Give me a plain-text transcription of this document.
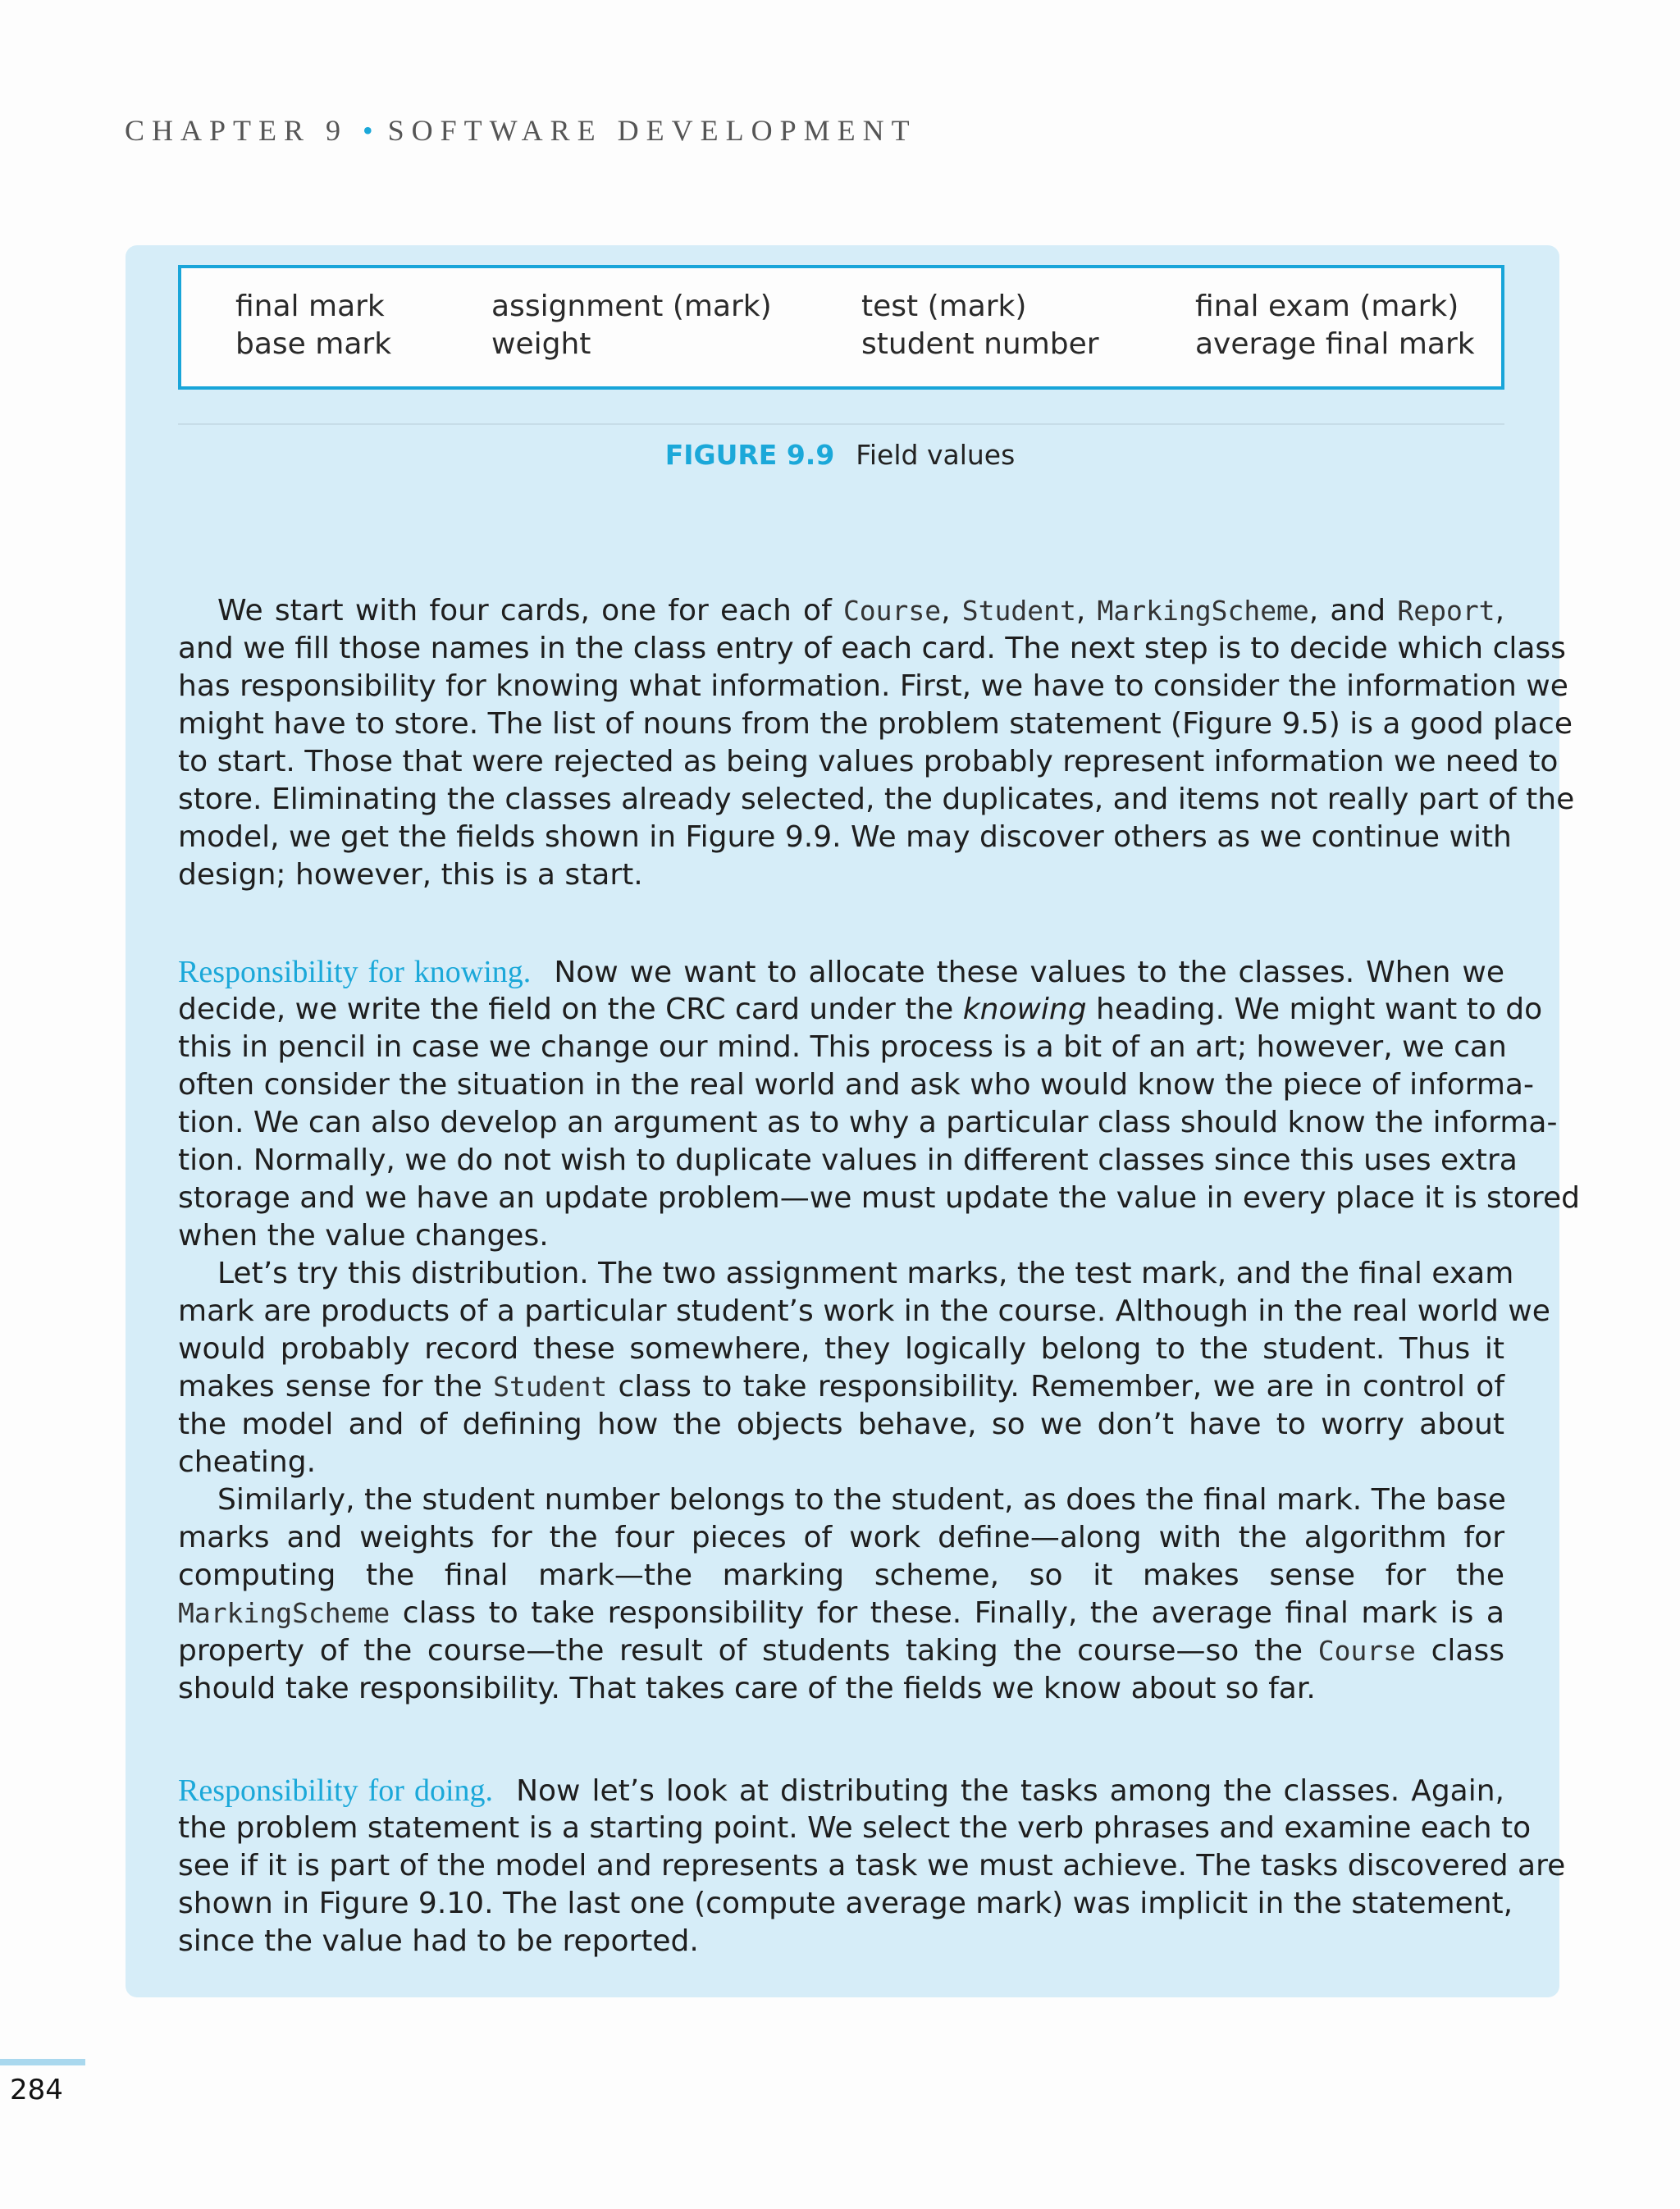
CHAPTER 9 • SOFTWARE DEVELOPMENT
final mark	assignment (mark)	test (mark)	final exam (mark)
base mark	weight	student number	average final mark
FIGURE 9.9 Field values
We start with four cards, one for each of Course, Student, MarkingScheme, and Report,
and we fill those names in the class entry of each card. The next step is to decide which class
has responsibility for knowing what information. First, we have to consider the information we
might have to store. The list of nouns from the problem statement (Figure 9.5) is a good place
to start. Those that were rejected as being values probably represent information we need to
store. Eliminating the classes already selected, the duplicates, and items not really part of the
model, we get the fields shown in Figure 9.9. We may discover others as we continue with
design; however, this is a start.
Responsibility for knowing. Now we want to allocate these values to the classes. When we
decide, we write the field on the CRC card under the knowing heading. We might want to do
this in pencil in case we change our mind. This process is a bit of an art; however, we can
often consider the situation in the real world and ask who would know the piece of informa-
tion. We can also develop an argument as to why a particular class should know the informa-
tion. Normally, we do not wish to duplicate values in different classes since this uses extra
storage and we have an update problem—we must update the value in every place it is stored
when the value changes.
Let’s try this distribution. The two assignment marks, the test mark, and the final exam
mark are products of a particular student’s work in the course. Although in the real world we
would probably record these somewhere, they logically belong to the student. Thus it
makes sense for the Student class to take responsibility. Remember, we are in control of
the model and of defining how the objects behave, so we don’t have to worry about
cheating.
Similarly, the student number belongs to the student, as does the final mark. The base
marks and weights for the four pieces of work define—along with the algorithm for
computing the final mark—the marking scheme, so it makes sense for the
MarkingScheme class to take responsibility for these. Finally, the average final mark is a
property of the course—the result of students taking the course—so the Course class
should take responsibility. That takes care of the fields we know about so far.
Responsibility for doing. Now let’s look at distributing the tasks among the classes. Again,
the problem statement is a starting point. We select the verb phrases and examine each to
see if it is part of the model and represents a task we must achieve. The tasks discovered are
shown in Figure 9.10. The last one (compute average mark) was implicit in the statement,
since the value had to be reported.
284
